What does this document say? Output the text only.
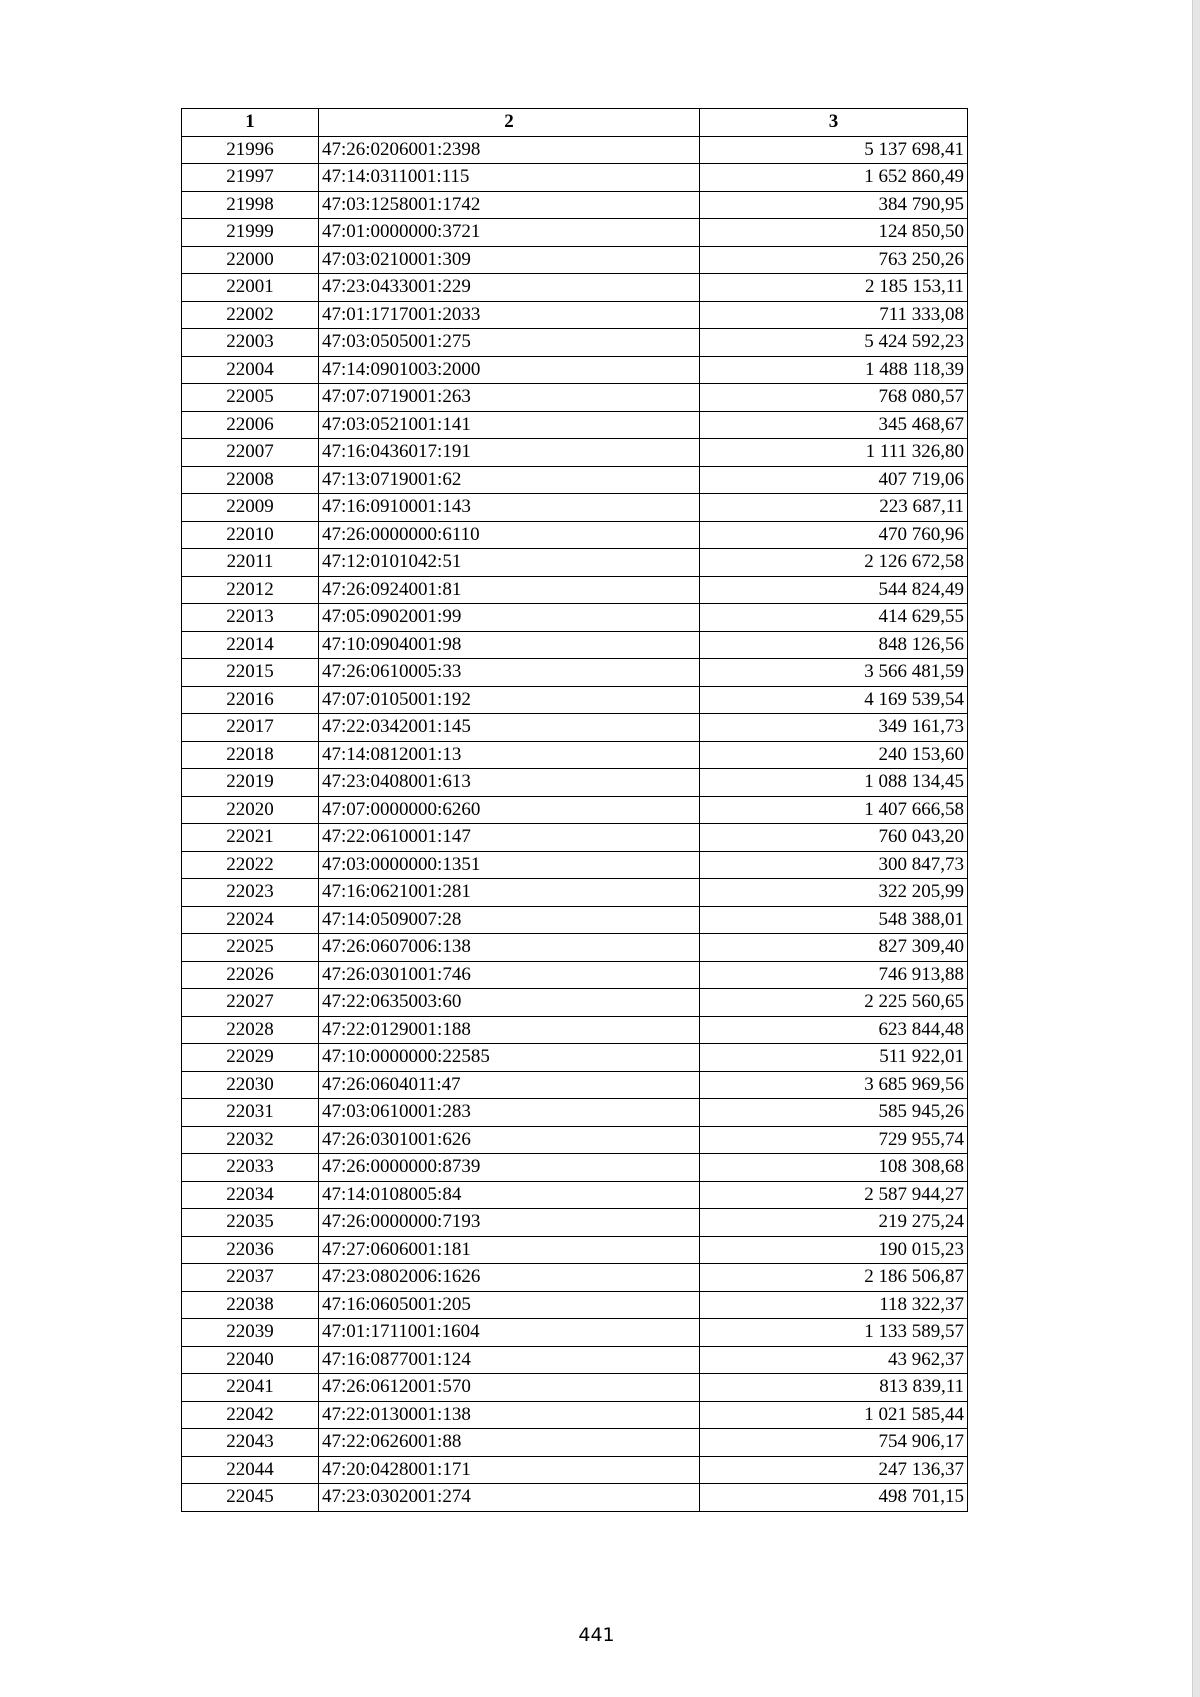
1	2	3
21996	47:26:0206001:2398	5 137 698,41
21997	47:14:0311001:115	1 652 860,49
21998	47:03:1258001:1742	384 790,95
21999	47:01:0000000:3721	124 850,50
22000	47:03:0210001:309	763 250,26
22001	47:23:0433001:229	2 185 153,11
22002	47:01:1717001:2033	711 333,08
22003	47:03:0505001:275	5 424 592,23
22004	47:14:0901003:2000	1 488 118,39
22005	47:07:0719001:263	768 080,57
22006	47:03:0521001:141	345 468,67
22007	47:16:0436017:191	1 111 326,80
22008	47:13:0719001:62	407 719,06
22009	47:16:0910001:143	223 687,11
22010	47:26:0000000:6110	470 760,96
22011	47:12:0101042:51	2 126 672,58
22012	47:26:0924001:81	544 824,49
22013	47:05:0902001:99	414 629,55
22014	47:10:0904001:98	848 126,56
22015	47:26:0610005:33	3 566 481,59
22016	47:07:0105001:192	4 169 539,54
22017	47:22:0342001:145	349 161,73
22018	47:14:0812001:13	240 153,60
22019	47:23:0408001:613	1 088 134,45
22020	47:07:0000000:6260	1 407 666,58
22021	47:22:0610001:147	760 043,20
22022	47:03:0000000:1351	300 847,73
22023	47:16:0621001:281	322 205,99
22024	47:14:0509007:28	548 388,01
22025	47:26:0607006:138	827 309,40
22026	47:26:0301001:746	746 913,88
22027	47:22:0635003:60	2 225 560,65
22028	47:22:0129001:188	623 844,48
22029	47:10:0000000:22585	511 922,01
22030	47:26:0604011:47	3 685 969,56
22031	47:03:0610001:283	585 945,26
22032	47:26:0301001:626	729 955,74
22033	47:26:0000000:8739	108 308,68
22034	47:14:0108005:84	2 587 944,27
22035	47:26:0000000:7193	219 275,24
22036	47:27:0606001:181	190 015,23
22037	47:23:0802006:1626	2 186 506,87
22038	47:16:0605001:205	118 322,37
22039	47:01:1711001:1604	1 133 589,57
22040	47:16:0877001:124	43 962,37
22041	47:26:0612001:570	813 839,11
22042	47:22:0130001:138	1 021 585,44
22043	47:22:0626001:88	754 906,17
22044	47:20:0428001:171	247 136,37
22045	47:23:0302001:274	498 701,15
441
